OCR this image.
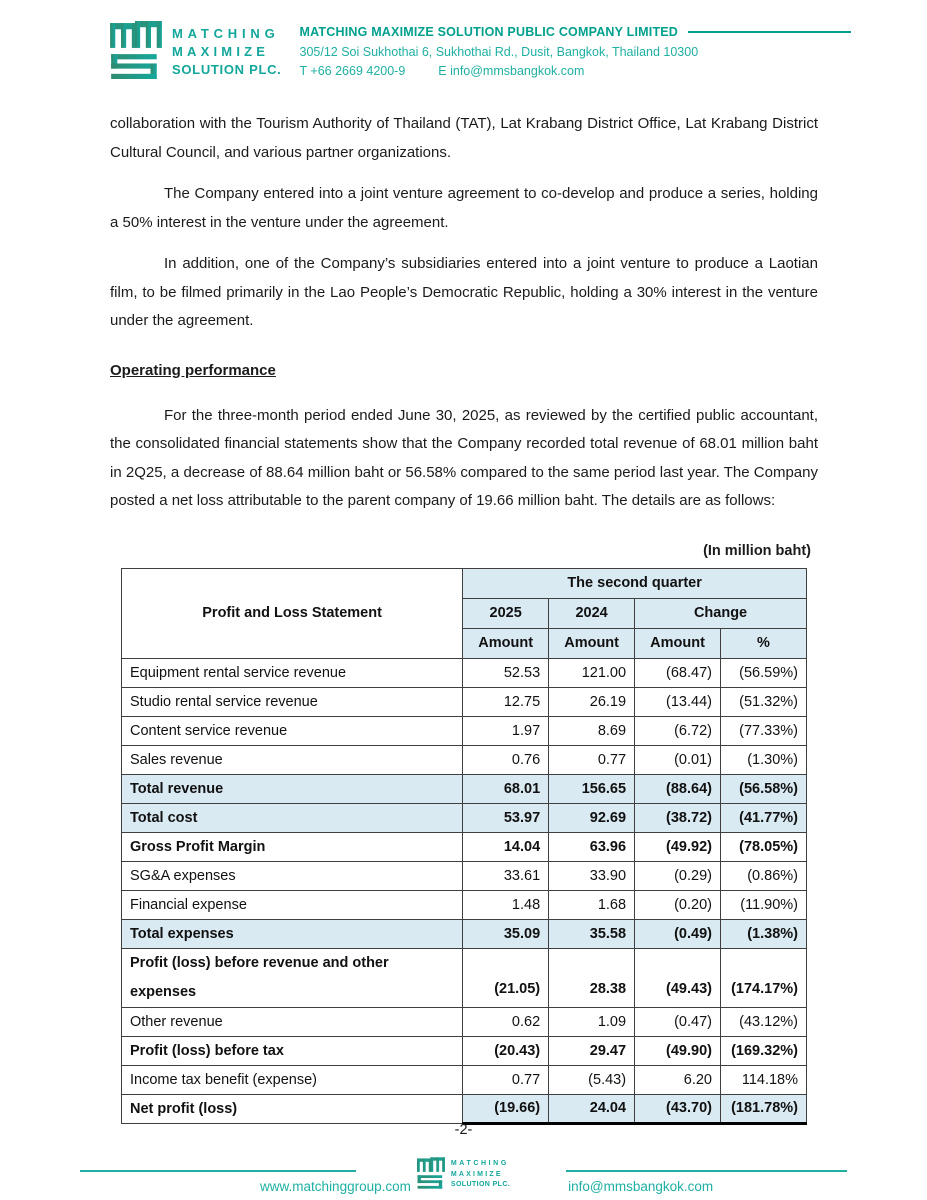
MATCHING
MAXIMIZE
SOLUTION PLC.
MATCHING MAXIMIZE SOLUTION PUBLIC COMPANY LIMITED
305/12 Soi Sukhothai 6, Sukhothai Rd., Dusit, Bangkok, Thailand 10300
T +66 2669 4200-9	E info@mmsbangkok.com

collaboration with the Tourism Authority of Thailand (TAT), Lat Krabang District Office, Lat Krabang District Cultural Council, and various partner organizations.

The Company entered into a joint venture agreement to co-develop and produce a series, holding a 50% interest in the venture under the agreement.

In addition, one of the Company’s subsidiaries entered into a joint venture to produce a Laotian film, to be filmed primarily in the Lao People’s Democratic Republic, holding a 30% interest in the venture under the agreement.

Operating performance

For the three-month period ended June 30, 2025, as reviewed by the certified public accountant, the consolidated financial statements show that the Company recorded total revenue of 68.01 million baht in 2Q25, a decrease of 88.64 million baht or 56.58% compared to the same period last year. The Company posted a net loss attributable to the parent company of 19.66 million baht. The details are as follows:

(In million baht)
Profit and Loss Statement	The second quarter			
	2025	2024	Change	
	Amount	Amount	Amount	%
Equipment rental service revenue	52.53	121.00	(68.47)	(56.59%)
Studio rental service revenue	12.75	26.19	(13.44)	(51.32%)
Content service revenue	1.97	8.69	(6.72)	(77.33%)
Sales revenue	0.76	0.77	(0.01)	(1.30%)
Total revenue	68.01	156.65	(88.64)	(56.58%)
Total cost	53.97	92.69	(38.72)	(41.77%)
Gross Profit Margin	14.04	63.96	(49.92)	(78.05%)
SG&A expenses	33.61	33.90	(0.29)	(0.86%)
Financial expense	1.48	1.68	(0.20)	(11.90%)
Total expenses	35.09	35.58	(0.49)	(1.38%)
Profit (loss) before revenue and other expenses	(21.05)	28.38	(49.43)	(174.17%)
Other revenue	0.62	1.09	(0.47)	(43.12%)
Profit (loss) before tax	(20.43)	29.47	(49.90)	(169.32%)
Income tax benefit (expense)	0.77	(5.43)	6.20	114.18%
Net profit (loss)	(19.66)	24.04	(43.70)	(181.78%)
-2-
www.matchinggroup.com
MATCHING
MAXIMIZE
SOLUTION PLC.	info@mmsbangkok.com
